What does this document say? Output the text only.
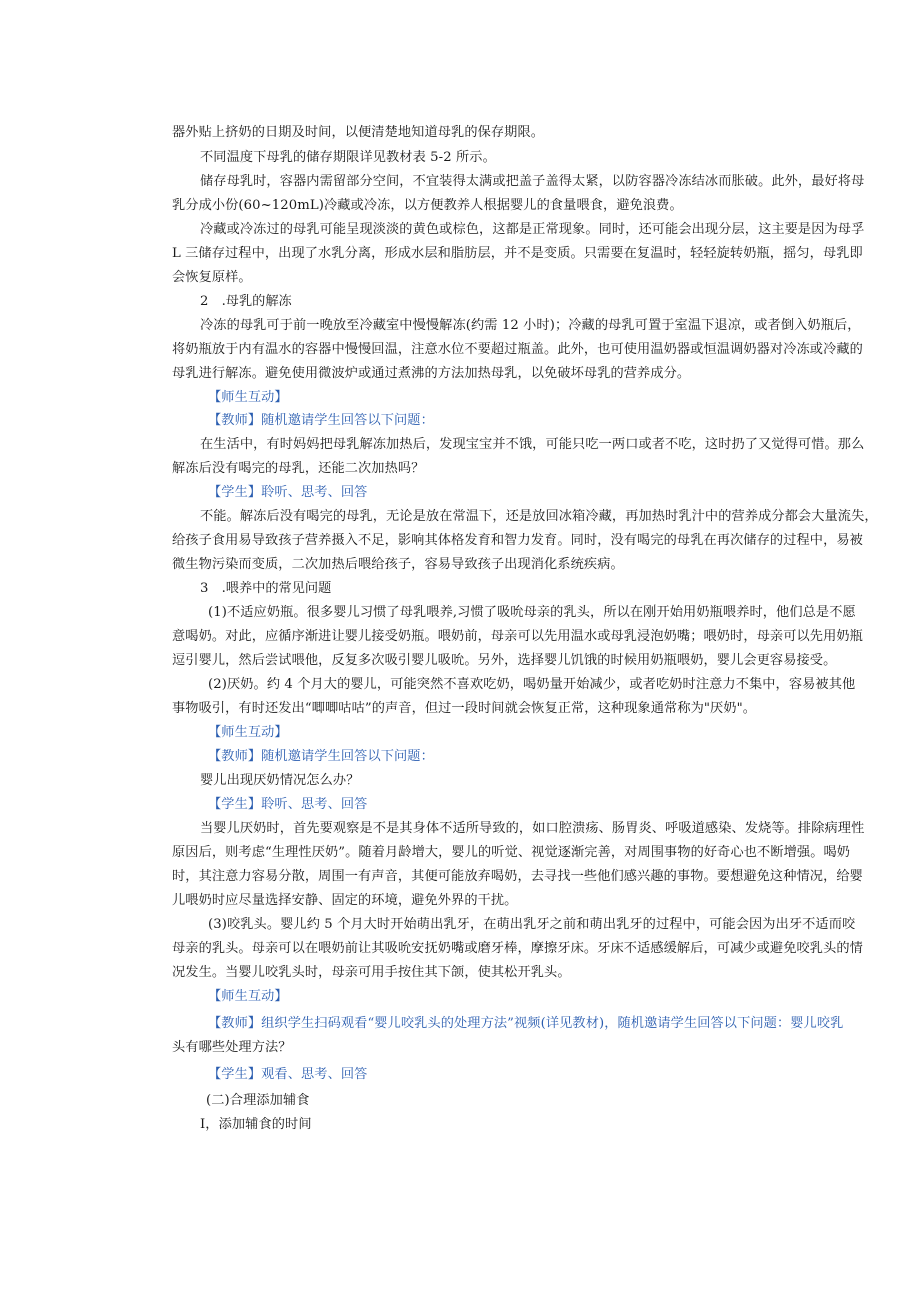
器外贴上挤奶的日期及时间，以便清楚地知道母乳的保存期限。
不同温度下母乳的储存期限详见教材表 5-2 所示。
储存母乳时，容器内需留部分空间，不宜装得太满或把盖子盖得太紧，以防容器冷冻结冰而胀破。此外，最好将母
乳分成小份(60~120mL)冷藏或冷冻，以方便教养人根据婴儿的食量喂食，避免浪费。
冷藏或冷冻过的母乳可能呈现淡淡的黄色或棕色，这都是正常现象。同时，还可能会出现分层，这主要是因为母孚
L 三储存过程中，出现了水乳分离，形成水层和脂肪层，并不是变质。只需要在复温时，轻轻旋转奶瓶，摇匀，母乳即
会恢复原样。
2　.母乳的解冻
冷冻的母乳可于前一晚放至冷藏室中慢慢解冻(约需 12 小时)；冷藏的母乳可置于室温下退凉，或者倒入奶瓶后，
将奶瓶放于内有温水的容器中慢慢回温，注意水位不要超过瓶盖。此外，也可使用温奶器或恒温调奶器对冷冻或冷藏的
母乳进行解冻。避免使用微波炉或通过煮沸的方法加热母乳，以免破坏母乳的营养成分。
【师生互动】
【教师】随机邀请学生回答以下问题：
在生活中，有时妈妈把母乳解冻加热后，发现宝宝并不饿，可能只吃一两口或者不吃，这时扔了又觉得可惜。那么
解冻后没有喝完的母乳，还能二次加热吗？
【学生】聆听、思考、回答
不能。解冻后没有喝完的母乳，无论是放在常温下，还是放回冰箱冷藏，再加热时乳汁中的营养成分都会大量流失，
给孩子食用易导致孩子营养摄入不足，影响其体格发育和智力发育。同时，没有喝完的母乳在再次储存的过程中，易被
微生物污染而变质，二次加热后喂给孩子，容易导致孩子出现消化系统疾病。
3　.喂养中的常见问题
(1)不适应奶瓶。很多婴儿习惯了母乳喂养,习惯了吸吮母亲的乳头，所以在刚开始用奶瓶喂养时，他们总是不愿
意喝奶。对此，应循序渐进让婴儿接受奶瓶。喂奶前，母亲可以先用温水或母乳浸泡奶嘴；喂奶时，母亲可以先用奶瓶
逗引婴儿，然后尝试喂他，反复多次吸引婴儿吸吮。另外，选择婴儿饥饿的时候用奶瓶喂奶，婴儿会更容易接受。
(2)厌奶。约 4 个月大的婴儿，可能突然不喜欢吃奶，喝奶量开始减少，或者吃奶时注意力不集中，容易被其他
事物吸引，有时还发出“唧唧咕咕”的声音，但过一段时间就会恢复正常，这种现象通常称为"厌奶"。
【师生互动】
【教师】随机邀请学生回答以下问题：
婴儿出现厌奶情况怎么办？
【学生】聆听、思考、回答
当婴儿厌奶时，首先要观察是不是其身体不适所导致的，如口腔溃疡、肠胃炎、呼吸道感染、发烧等。排除病理性
原因后，则考虑“生理性厌奶”。随着月龄增大，婴儿的听觉、视觉逐渐完善，对周围事物的好奇心也不断增强。喝奶
时，其注意力容易分散，周围一有声音，其便可能放弃喝奶，去寻找一些他们感兴趣的事物。要想避免这种情况，给婴
儿喂奶时应尽量选择安静、固定的环境，避免外界的干扰。
(3)咬乳头。婴儿约 5 个月大时开始萌出乳牙，在萌出乳牙之前和萌出乳牙的过程中，可能会因为出牙不适而咬
母亲的乳头。母亲可以在喂奶前让其吸吮安抚奶嘴或磨牙棒，摩擦牙床。牙床不适感缓解后，可减少或避免咬乳头的情
况发生。当婴儿咬乳头时，母亲可用手按住其下颌，使其松开乳头。
【师生互动】
【教师】组织学生扫码观看“婴儿咬乳头的处理方法”视频(详见教材)，随机邀请学生回答以下问题：婴儿咬乳
头有哪些处理方法？
【学生】观看、思考、回答
(二)合理添加辅食
I，添加辅食的时间
